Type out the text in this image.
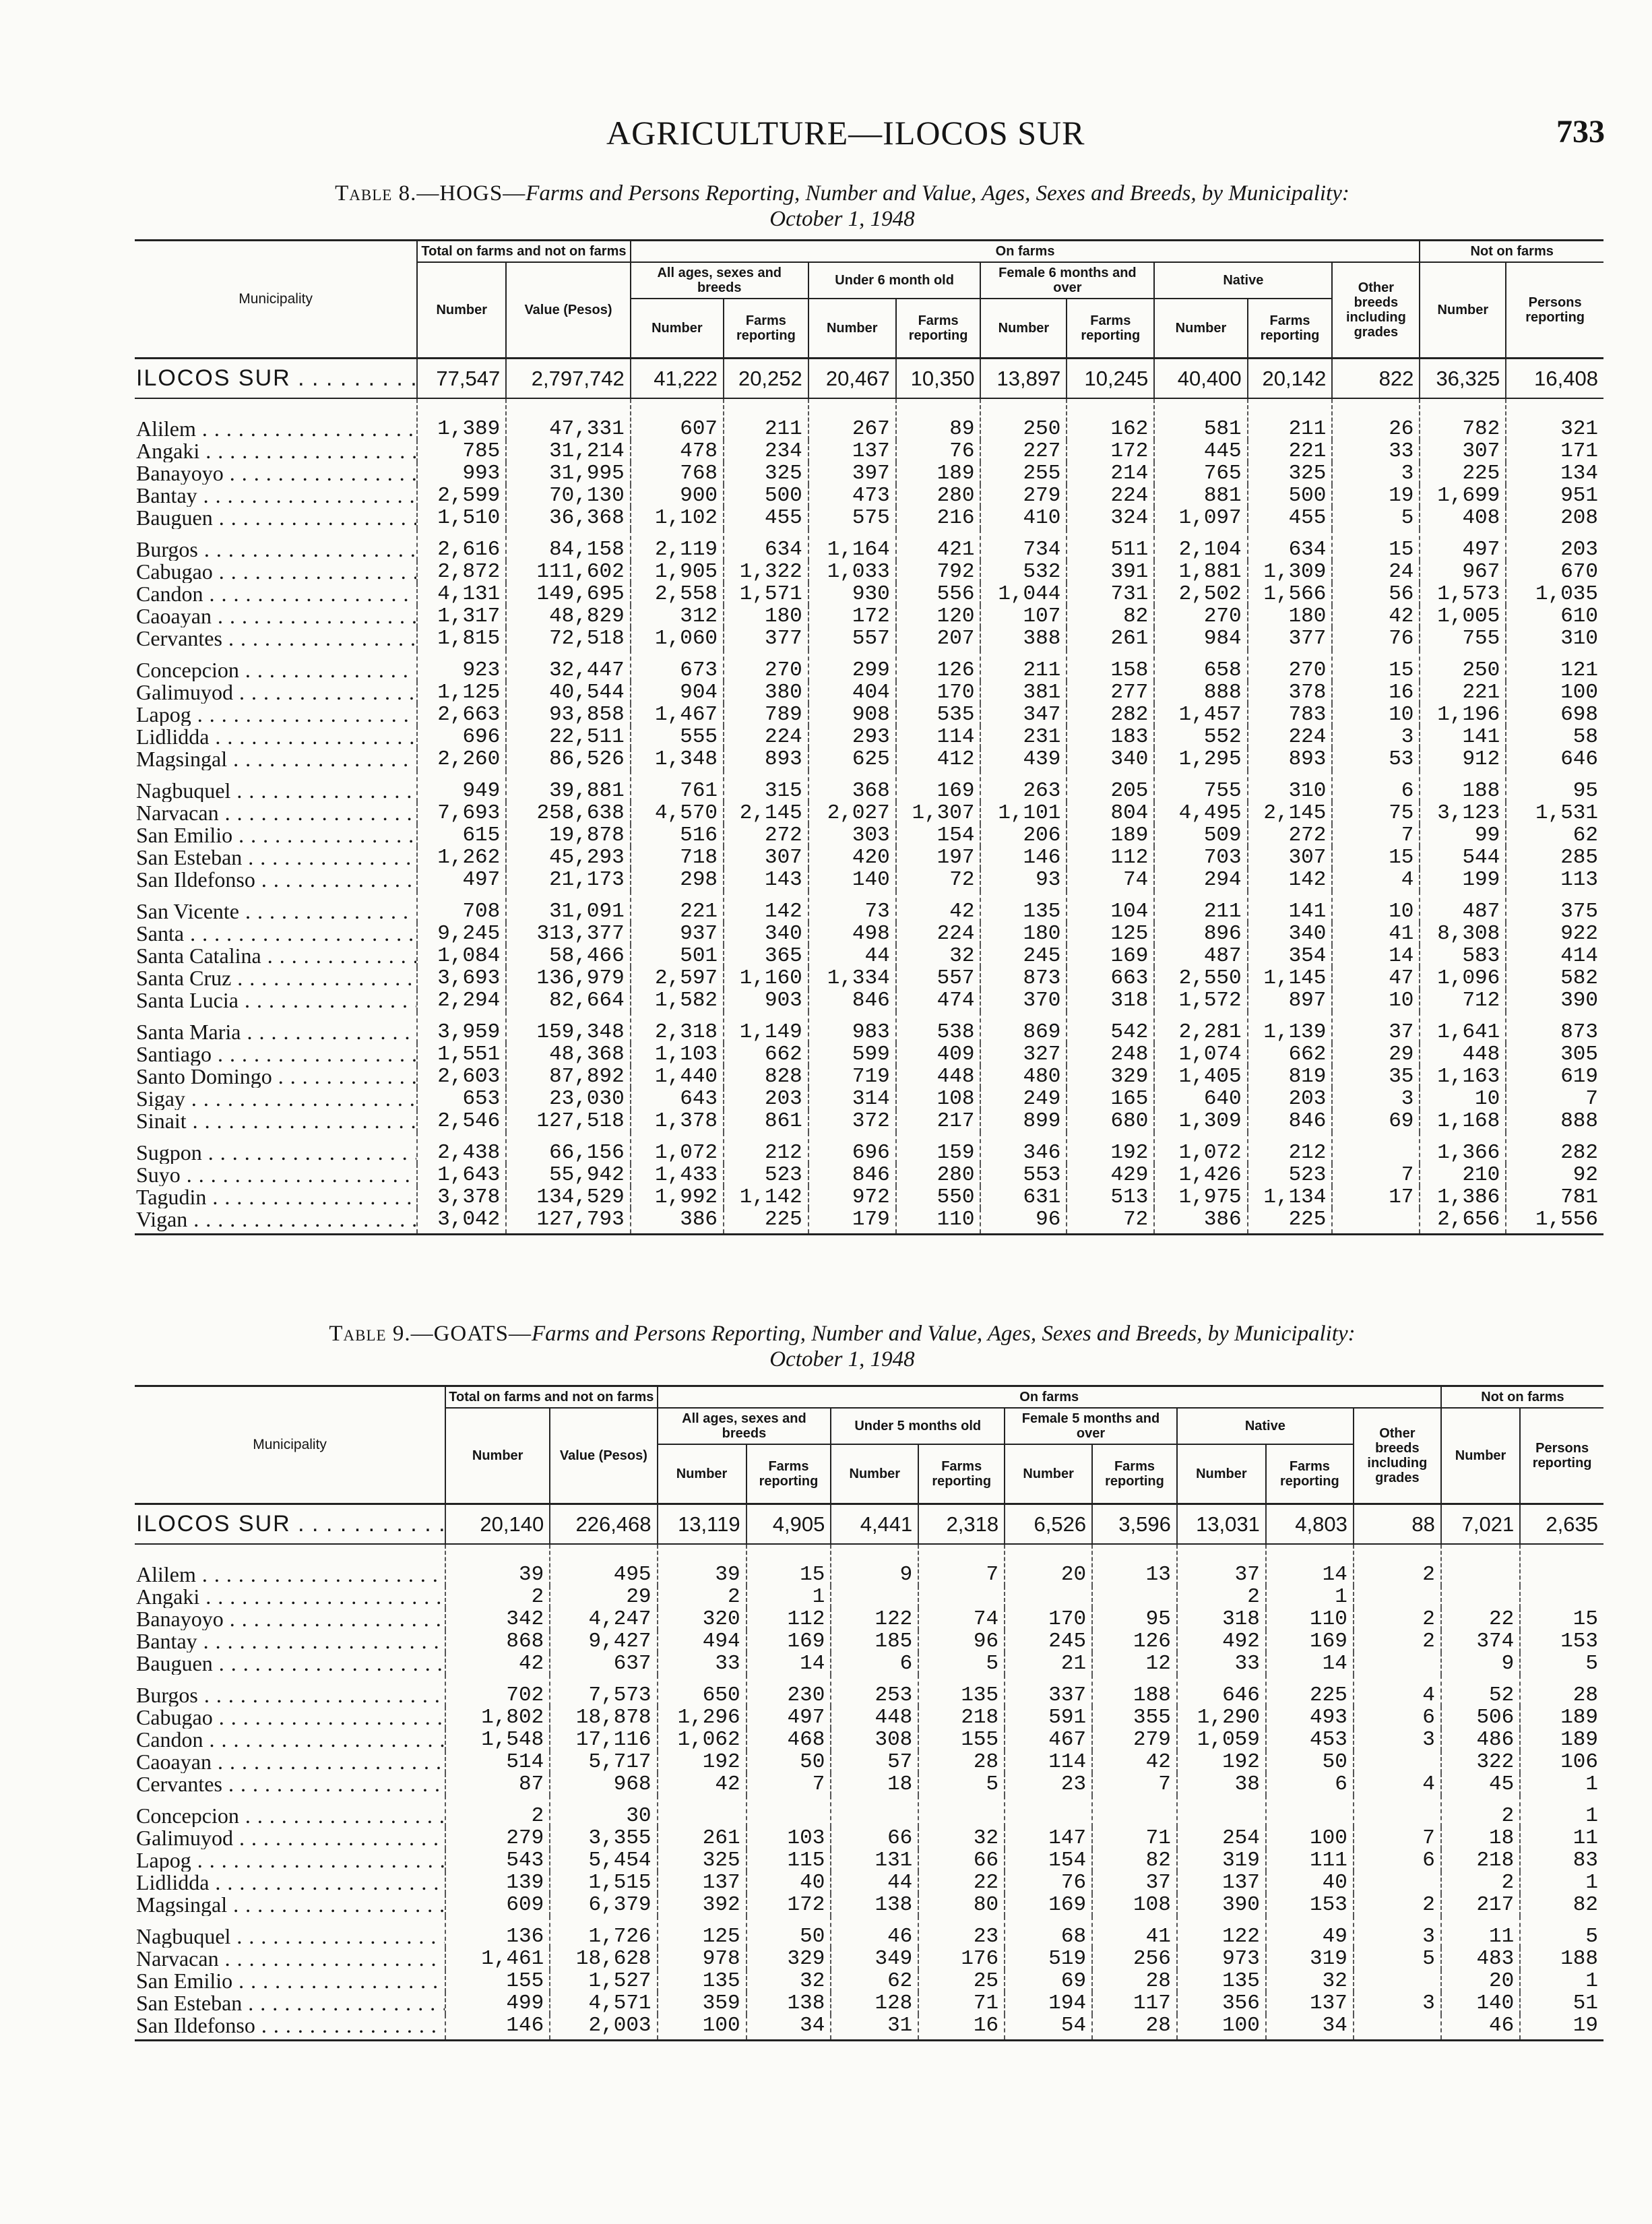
AGRICULTURE—ILOCOS SUR	733
Table 8.—HOGS—Farms and Persons Reporting, Number and Value, Ages, Sexes and Breeds, by Municipality:
October 1, 1948
Municipality	Total on farms and not on farms		On farms									Not on farms	
	Number	Value (Pesos)	All ages, sexes and breeds		Under 6 month old		Female 6 months and over		Native		Other breeds including grades	Number	Persons reporting
			Number	Farms reporting	Number	Farms reporting	Number	Farms reporting	Number	Farms reporting			
ILOCOS SUR . . .	77,547	2,797,742	41,222	20,252	20,467	10,350	13,897	10,245	40,400	20,142	822	36,325	16,408
Alilem . . .	1,389	47,331	607	211	267	89	250	162	581	211	26	782	321
Angaki . . .	785	31,214	478	234	137	76	227	172	445	221	33	307	171
Banayoyo . . .	993	31,995	768	325	397	189	255	214	765	325	3	225	134
Bantay . . .	2,599	70,130	900	500	473	280	279	224	881	500	19	1,699	951
Bauguen . . .	1,510	36,368	1,102	455	575	216	410	324	1,097	455	5	408	208
Burgos . . .	2,616	84,158	2,119	634	1,164	421	734	511	2,104	634	15	497	203
Cabugao . . .	2,872	111,602	1,905	1,322	1,033	792	532	391	1,881	1,309	24	967	670
Candon . . .	4,131	149,695	2,558	1,571	930	556	1,044	731	2,502	1,566	56	1,573	1,035
Caoayan . . .	1,317	48,829	312	180	172	120	107	82	270	180	42	1,005	610
Cervantes . . .	1,815	72,518	1,060	377	557	207	388	261	984	377	76	755	310
Concepcion . . .	923	32,447	673	270	299	126	211	158	658	270	15	250	121
Galimuyod . . .	1,125	40,544	904	380	404	170	381	277	888	378	16	221	100
Lapog . . .	2,663	93,858	1,467	789	908	535	347	282	1,457	783	10	1,196	698
Lidlidda . . .	696	22,511	555	224	293	114	231	183	552	224	3	141	58
Magsingal . . .	2,260	86,526	1,348	893	625	412	439	340	1,295	893	53	912	646
Nagbuquel . . .	949	39,881	761	315	368	169	263	205	755	310	6	188	95
Narvacan . . .	7,693	258,638	4,570	2,145	2,027	1,307	1,101	804	4,495	2,145	75	3,123	1,531
San Emilio . . .	615	19,878	516	272	303	154	206	189	509	272	7	99	62
San Esteban . . .	1,262	45,293	718	307	420	197	146	112	703	307	15	544	285
San Ildefonso . . .	497	21,173	298	143	140	72	93	74	294	142	4	199	113
San Vicente . . .	708	31,091	221	142	73	42	135	104	211	141	10	487	375
Santa . . .	9,245	313,377	937	340	498	224	180	125	896	340	41	8,308	922
Santa Catalina . . .	1,084	58,466	501	365	44	32	245	169	487	354	14	583	414
Santa Cruz . . .	3,693	136,979	2,597	1,160	1,334	557	873	663	2,550	1,145	47	1,096	582
Santa Lucia . . .	2,294	82,664	1,582	903	846	474	370	318	1,572	897	10	712	390
Santa Maria . . .	3,959	159,348	2,318	1,149	983	538	869	542	2,281	1,139	37	1,641	873
Santiago . . .	1,551	48,368	1,103	662	599	409	327	248	1,074	662	29	448	305
Santo Domingo . . .	2,603	87,892	1,440	828	719	448	480	329	1,405	819	35	1,163	619
Sigay . . .	653	23,030	643	203	314	108	249	165	640	203	3	10	7
Sinait . . .	2,546	127,518	1,378	861	372	217	899	680	1,309	846	69	1,168	888
Sugpon . . .	2,438	66,156	1,072	212	696	159	346	192	1,072	212		1,366	282
Suyo . . .	1,643	55,942	1,433	523	846	280	553	429	1,426	523	7	210	92
Tagudin . . .	3,378	134,529	1,992	1,142	972	550	631	513	1,975	1,134	17	1,386	781
Vigan . . .	3,042	127,793	386	225	179	110	96	72	386	225		2,656	1,556
Table 9.—GOATS—Farms and Persons Reporting, Number and Value, Ages, Sexes and Breeds, by Municipality:
October 1, 1948
Municipality	Total on farms and not on farms		On farms									Not on farms	
	Number	Value (Pesos)	All ages, sexes and breeds		Under 5 months old		Female 5 months and over		Native		Other breeds including grades	Number	Persons reporting
			Number	Farms reporting	Number	Farms reporting	Number	Farms reporting	Number	Farms reporting			
ILOCOS SUR . . .	20,140	226,468	13,119	4,905	4,441	2,318	6,526	3,596	13,031	4,803	88	7,021	2,635
Alilem . . .	39	495	39	15	9	7	20	13	37	14	2		
Angaki . . .	2	29	2	1					2	1			
Banayoyo . . .	342	4,247	320	112	122	74	170	95	318	110	2	22	15
Bantay . . .	868	9,427	494	169	185	96	245	126	492	169	2	374	153
Bauguen . . .	42	637	33	14	6	5	21	12	33	14		9	5
Burgos . . .	702	7,573	650	230	253	135	337	188	646	225	4	52	28
Cabugao . . .	1,802	18,878	1,296	497	448	218	591	355	1,290	493	6	506	189
Candon . . .	1,548	17,116	1,062	468	308	155	467	279	1,059	453	3	486	189
Caoayan . . .	514	5,717	192	50	57	28	114	42	192	50		322	106
Cervantes . . .	87	968	42	7	18	5	23	7	38	6	4	45	1
Concepcion . . .	2	30										2	1
Galimuyod . . .	279	3,355	261	103	66	32	147	71	254	100	7	18	11
Lapog . . .	543	5,454	325	115	131	66	154	82	319	111	6	218	83
Lidlidda . . .	139	1,515	137	40	44	22	76	37	137	40		2	1
Magsingal . . .	609	6,379	392	172	138	80	169	108	390	153	2	217	82
Nagbuquel . . .	136	1,726	125	50	46	23	68	41	122	49	3	11	5
Narvacan . . .	1,461	18,628	978	329	349	176	519	256	973	319	5	483	188
San Emilio . . .	155	1,527	135	32	62	25	69	28	135	32		20	1
San Esteban . . .	499	4,571	359	138	128	71	194	117	356	137	3	140	51
San Ildefonso . . .	146	2,003	100	34	31	16	54	28	100	34		46	19
